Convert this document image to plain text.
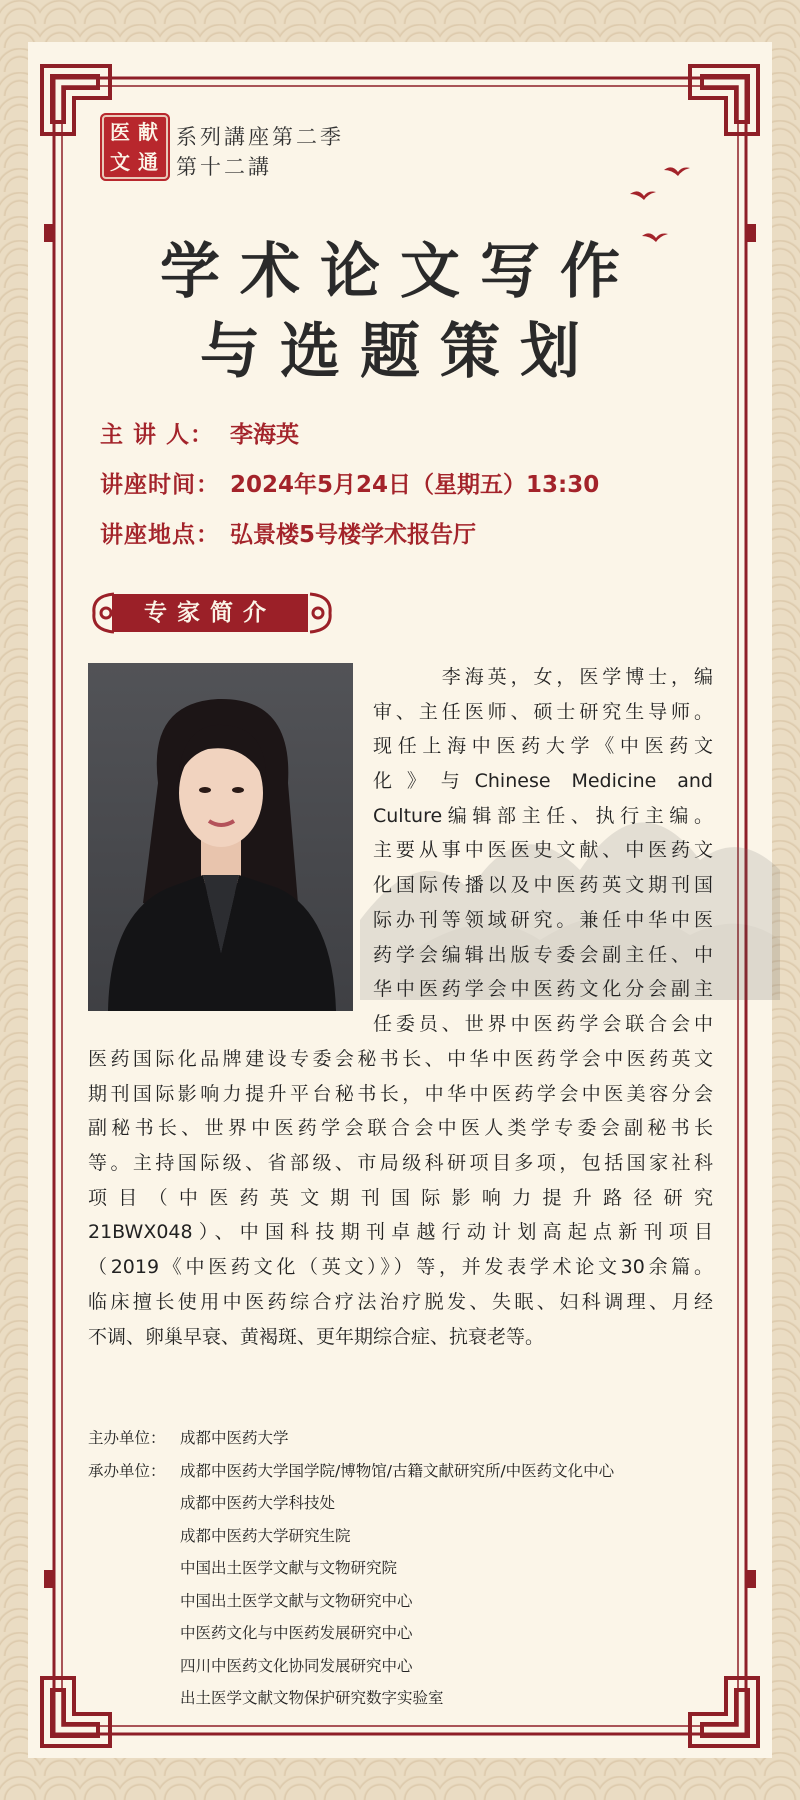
医 献
文 通
系列講座第二季
第十二講
学术论文写作
与选题策划
主 讲 人： 李海英
讲座时间： 2024年5月24日（星期五）13:30
讲座地点： 弘景楼5号楼学术报告厅
专家简介
　　　李海英，女，医学博士，编
审、主任医师、硕士研究生导师。
现任上海中医药大学《中医药文
化》与Chinese Medicine and
Culture编辑部主任、执行主编。
主要从事中医医史文献、中医药文
化国际传播以及中医药英文期刊国
际办刊等领域研究。兼任中华中医
药学会编辑出版专委会副主任、中
华中医药学会中医药文化分会副主
任委员、世界中医药学会联合会中
医药国际化品牌建设专委会秘书长、中华中医药学会中医药英文
期刊国际影响力提升平台秘书长，中华中医药学会中医美容分会
副秘书长、世界中医药学会联合会中医人类学专委会副秘书长
等。主持国际级、省部级、市局级科研项目多项，包括国家社科
项目（中医药英文期刊国际影响力提升路径研究
21BWX048）、中国科技期刊卓越行动计划高起点新刊项目
（2019《中医药文化（英文）》）等，并发表学术论文30余篇。
临床擅长使用中医药综合疗法治疗脱发、失眠、妇科调理、月经
不调、卵巢早衰、黄褐斑、更年期综合症、抗衰老等。
主办单位： 成都中医药大学
承办单位： 成都中医药大学国学院/博物馆/古籍文献研究所/中医药文化中心
成都中医药大学科技处
成都中医药大学研究生院
中国出土医学文献与文物研究院
中国出土医学文献与文物研究中心
中医药文化与中医药发展研究中心
四川中医药文化协同发展研究中心
出土医学文献文物保护研究数字实验室
